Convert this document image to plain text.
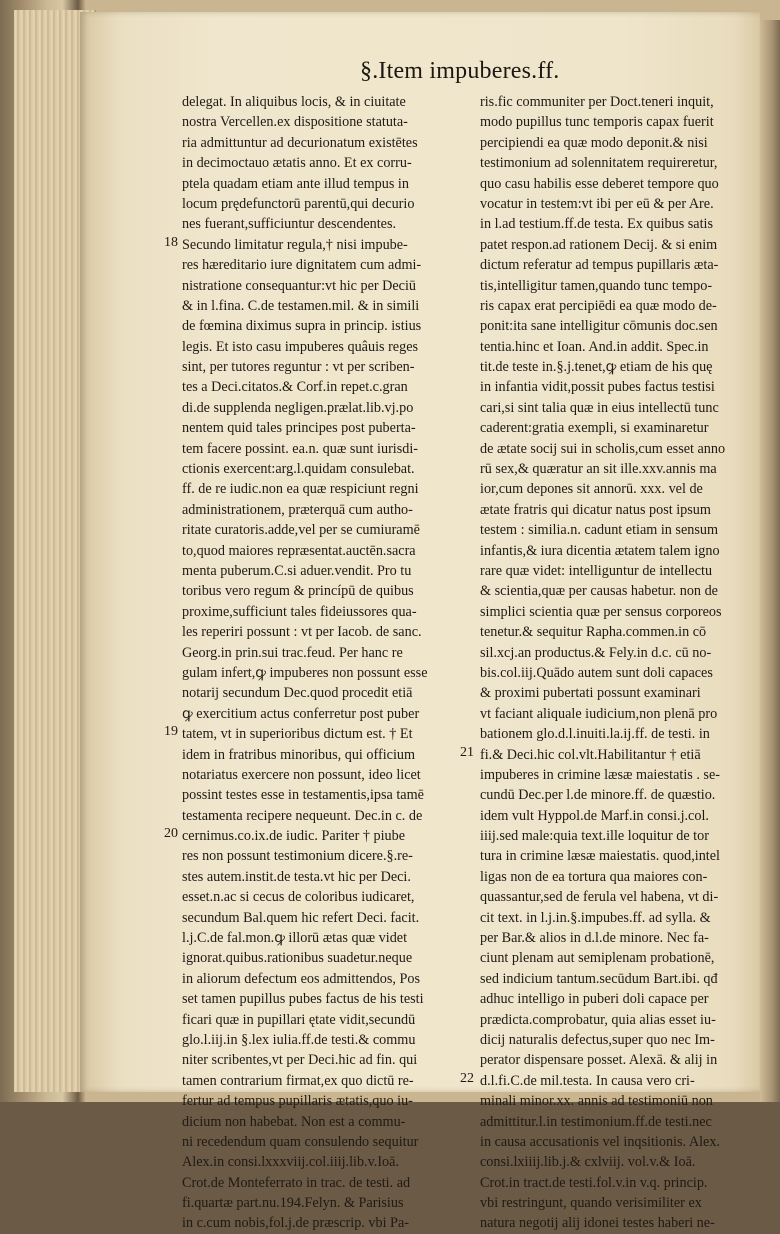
§.Item impuberes.ff.
delegat. In aliquibus locis, & in ciuitate
nostra Vercellen.ex dispositione statuta-
ria admittuntur ad decurionatum existētes
in decimoctauo ætatis anno. Et ex corru-
ptela quadam etiam ante illud tempus in
locum prędefunctorū parentū,qui decurio
nes fuerant,sufficiuntur descendentes.
Secundo limitatur regula,† nisi impube-
res hæreditario iure dignitatem cum admi-
nistratione consequantur:vt hic per Deciū
& in l.fina. C.de testamen.mil. & in simili
de fœmina diximus supra in princip. istius
legis. Et isto casu impuberes quâuis reges
sint, per tutores reguntur : vt per scriben-
tes a Deci.citatos.& Corf.in repet.c.gran
di.de supplenda negligen.prælat.lib.vj.po
nentem quid tales principes post puberta-
tem facere possint. ea.n. quæ sunt iurisdi-
ctionis exercent:arg.l.quidam consulebat.
ff. de re iudic.non ea quæ respiciunt regni
administrationem, præterquā cum autho-
ritate curatoris.adde,vel per se cumiuramē
to,quod maiores repræsentat.auctēn.sacra
menta puberum.C.si aduer.vendit. Pro tu
toribus vero regum & princípū de quibus
proxime,sufficiunt tales fideiussores qua-
les reperiri possunt : vt per Iacob. de sanc.
Georg.in prin.sui trac.feud. Per hanc re
gulam infert,ꝙ impuberes non possunt esse
notarij secundum Dec.quod procedit etiā
ꝙ exercitium actus conferretur post puber
tatem, vt in superioribus dictum est. † Et
idem in fratribus minoribus, qui officium
notariatus exercere non possunt, ideo licet
possint testes esse in testamentis,ipsa tamē
testamenta recipere nequeunt. Dec.in c. de
cernimus.co.ix.de iudic. Pariter † piube
res non possunt testimonium dicere.§.re-
stes autem.instit.de testa.vt hic per Deci.
esset.n.ac si cecus de coloribus iudicaret,
secundum Bal.quem hic refert Deci. facit.
l.j.C.de fal.mon.ꝙ illorū ætas quæ videt
ignorat.quibus.rationibus suadetur.neque
in aliorum defectum eos admittendos, Pos
set tamen pupillus pubes factus de his testi
ficari quæ in pupillari ętate vidit,secundū
glo.l.iij.in §.lex iulia.ff.de testi.& commu
niter scribentes,vt per Deci.hic ad fin. qui
tamen contrarium firmat,ex quo dictū re-
fertur ad tempus pupillaris ætatis,quo iu-
dicium non habebat. Non est a commu-
ni recedendum quam consulendo sequitur
Alex.in consi.lxxxviij.col.iiij.lib.v.Ioā.
Crot.de Monteferrato in trac. de testi. ad
fi.quartæ part.nu.194.Felyn. & Parisius
in c.cum nobis,fol.j.de præscrip. vbi Pa-
ris.fic communiter per Doct.teneri inquit,
modo pupillus tunc temporis capax fuerit
percipiendi ea quæ modo deponit.& nisi
testimonium ad solennitatem requireretur,
quo casu habilis esse deberet tempore quo
vocatur in testem:vt ibi per eū & per Are.
in l.ad testium.ff.de testa. Ex quibus satis
patet respon.ad rationem Decij. & si enim
dictum referatur ad tempus pupillaris æta-
tis,intelligitur tamen,quando tunc tempo-
ris capax erat percipiēdi ea quæ modo de-
ponit:ita sane intelligitur cōmunis doc.sen
tentia.hinc et Ioan. And.in addit. Spec.in
tit.de teste in.§.j.tenet,ꝙ etiam de his quę
in infantia vidit,possit pubes factus testisi
cari,si sint talia quæ in eius intellectū tunc
caderent:gratia exempli, si examinaretur
de ætate socij sui in scholis,cum esset anno
rū sex,& quæratur an sit ille.xxv.annis ma
ior,cum depones sit annorū. xxx. vel de
ætate fratris qui dicatur natus post ipsum
testem : similia.n. cadunt etiam in sensum
infantis,& iura dicentia ætatem talem igno
rare quæ videt: intelliguntur de intellectu
& scientia,quæ per causas habetur. non de
simplici scientia quæ per sensus corporeos
tenetur.& sequitur Rapha.commen.in cō
sil.xcj.an productus.& Fely.in d.c. cū no-
bis.col.iij.Quādo autem sunt doli capaces
& proximi pubertati possunt examinari
vt faciant aliquale iudicium,non plenā pro
bationem glo.d.l.inuiti.la.ij.ff. de testi. in
fi.& Deci.hic col.vlt.Habilitantur † etiā
impuberes in crimine læsæ maiestatis . se-
cundū Dec.per l.de minore.ff. de quæstio.
idem vult Hyppol.de Marf.in consi.j.col.
iiij.sed male:quia text.ille loquitur de tor
tura in crimine læsæ maiestatis. quod,intel
ligas non de ea tortura qua maiores con-
quassantur,sed de ferula vel habena, vt di-
cit text. in l.j.in.§.impubes.ff. ad sylla. &
per Bar.& alios in d.l.de minore. Nec fa-
ciunt plenam aut semiplenam probationē,
sed indicium tantum.secūdum Bart.ibi. qđ
adhuc intelligo in puberi doli capace per
prædicta.comprobatur, quia alias esset iu-
dicij naturalis defectus,super quo nec Im-
perator dispensare posset. Alexā. & alij in
d.l.fi.C.de mil.testa. In causa vero cri-
minali minor.xx. annis ad testimoniū non
admittitur.l.in testimonium.ff.de testi.nec
in causa accusationis vel inqsitionis. Alex.
consi.lxiiij.lib.j.& cxlviij. vol.v.& Ioā.
Crot.in tract.de testi.fol.v.in v.q. princip.
vbi restringunt, quando verisimiliter ex
natura negotij alij idonei testes haberi ne-
18
19
20
21
22
